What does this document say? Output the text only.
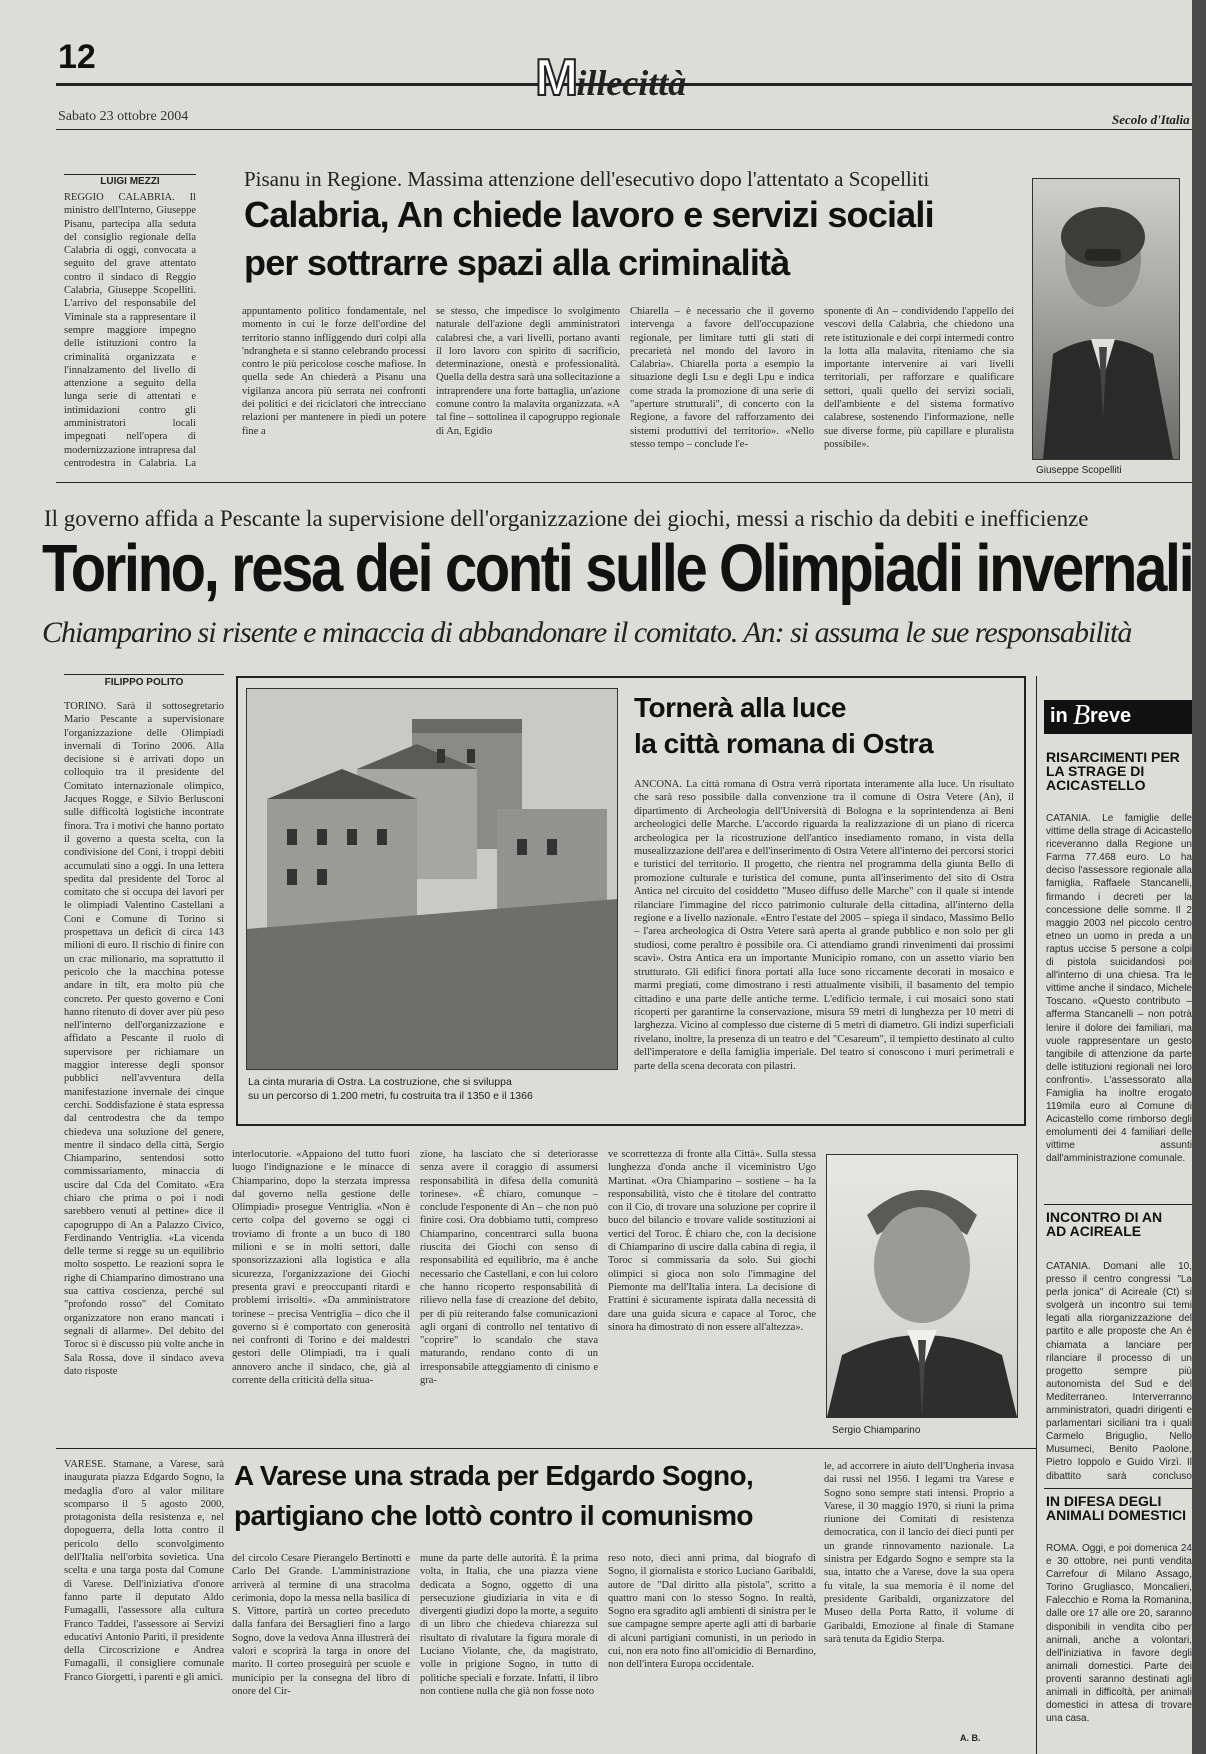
12	Millecittà
Sabato 23 ottobre 2004	Secolo d'Italia
LUIGI MEZZI
REGGIO CALABRIA. Il ministro dell'Interno, Giuseppe Pisanu, partecipa alla seduta del consiglio regionale della Calabria di oggi, convocata a seguito del grave attentato contro il sindaco di Reggio Calabria, Giuseppe Scopelliti. L'arrivo del responsabile del Viminale sta a rappresentare il sempre maggiore impegno delle istituzioni contro la criminalità organizzata e l'innalzamento del livello di attenzione a seguito della lunga serie di attentati e intimidazioni contro gli amministratori locali impegnati nell'opera di modernizzazione intrapresa dal centrodestra in Calabria. La
Pisanu in Regione. Massima attenzione dell'esecutivo dopo l'attentato a Scopelliti
Calabria, An chiede lavoro e servizi sociali
per sottrarre spazi alla criminalità
appuntamento politico fondamentale, nel momento in cui le forze dell'ordine del territorio stanno infliggendo duri colpi alla 'ndrangheta e si stanno celebrando processi contro le più pericolose cosche mafiose. In quella sede An chiederà a Pisanu una vigilanza ancora più serrata nei confronti dei politici e dei riciclatori che intrecciano relazioni per mantenere in piedi un potere fine a
se stesso, che impedisce lo svolgimento naturale dell'azione degli amministratori calabresi che, a vari livelli, portano avanti il loro lavoro con spirito di sacrificio, determinazione, onestà e professionalità. Quella della destra sarà una sollecitazione a intraprendere una forte battaglia, un'azione comune contro la malavita organizzata. «A tal fine – sottolinea il capogruppo regionale di An, Egidio
Chiarella – è necessario che il governo intervenga a favore dell'occupazione regionale, per limitare tutti gli stati di precarietà nel mondo del lavoro in Calabria». Chiarella porta a esempio la situazione degli Lsu e degli Lpu e indica come strada la promozione di una serie di "aperture strutturali", di concerto con la Regione, a favore del rafforzamento dei sistemi produttivi del territorio». «Nello stesso tempo – conclude l'e-
sponente di An – condividendo l'appello dei vescovi della Calabria, che chiedono una rete istituzionale e dei corpi intermedi contro la lotta alla malavita, riteniamo che sia importante intervenire ai vari livelli territoriali, per rafforzare e qualificare settori, quali quello dei servizi sociali, dell'ambiente e del sistema formativo calabrese, sostenendo l'informazione, nelle sue diverse forme, più capillare e pluralista possibile».
Giuseppe Scopelliti
Il governo affida a Pescante la supervisione dell'organizzazione dei giochi, messi a rischio da debiti e inefficienze
Torino, resa dei conti sulle Olimpiadi invernali
Chiamparino si risente e minaccia di abbandonare il comitato. An: si assuma le sue responsabilità
FILIPPO POLITO
TORINO. Sarà il sottosegretario Mario Pescante a supervisionare l'organizzazione delle Olimpiadi invernali di Torino 2006. Alla decisione si è arrivati dopo un colloquio tra il presidente del Comitato internazionale olimpico, Jacques Rogge, e Silvio Berlusconi sulle difficoltà logistiche incontrate finora. Tra i motivi che hanno portato il governo a questa scelta, con la condivisione del Coni, i troppi debiti accumulati sino a oggi. In una lettera spedita dal presidente del Toroc al comitato che si occupa dei lavori per le olimpiadi Valentino Castellani a Coni e Comune di Torino si prospettava un deficit di circa 143 milioni di euro. Il rischio di finire con un crac milionario, ma soprattutto il pericolo che la macchina potesse andare in tilt, era molto più che concreto. Per questo governo e Coni hanno ritenuto di dover aver più peso nell'interno dell'organizzazione e affidato a Pescante il ruolo di supervisore per richiamare un maggior interesse degli sponsor pubblici nell'avventura della manifestazione invernale dei cinque cerchi. Soddisfazione è stata espressa dal centrodestra che da tempo chiedeva una soluzione del genere, mentre il sindaco della città, Sergio Chiamparino, sentendosi sotto commissariamento, minaccia di uscire dal Cda del Comitato. «Era chiaro che prima o poi i nodi sarebbero venuti al pettine» dice il capogruppo di An a Palazzo Civico, Ferdinando Ventriglia. «La vicenda delle terme si regge su un equilibrio molto sospetto. Le reazioni sopra le righe di Chiamparino dimostrano una sua cattiva coscienza, perché sul "profondo rosso" del Comitato organizzatore non erano mancati i segnali di allarme». Del debito del Toroc si è discusso più volte anche in Sala Rossa, dove il sindaco aveva dato risposte
interlocutorie. «Appaiono del tutto fuori luogo l'indignazione e le minacce di Chiamparino, dopo la sterzata impressa dal governo nella gestione delle Olimpiadi» prosegue Ventriglia. «Non è certo colpa del governo se oggi ci troviamo di fronte a un buco di 180 milioni e se in molti settori, dalle sponsorizzazioni alla logistica e alla sicurezza, l'organizzazione dei Giochi presenta gravi e preoccupanti ritardi e problemi irrisolti». «Da amministratore torinese – precisa Ventriglia – dico che il governo si è comportato con generosità nei confronti di Torino e dei maldestri gestori delle Olimpiadi, tra i quali annovero anche il sindaco, che, già al corrente della criticità della situa-
zione, ha lasciato che si deteriorasse senza avere il coraggio di assumersi responsabilità in difesa della comunità torinese». «È chiaro, comunque – conclude l'esponente di An – che non può finire così. Ora dobbiamo tutti, compreso Chiamparino, concentrarci sulla buona riuscita dei Giochi con senso di responsabilità ed equilibrio, ma è anche necessario che Castellani, e con lui coloro che hanno ricoperto responsabilità di rilievo nella fase di creazione del debito, per di più reiterando false comunicazioni agli organi di controllo nel tentativo di "coprire" lo scandalo che stava maturando, rendano conto di un irresponsabile atteggiamento di cinismo e gra-
ve scorrettezza di fronte alla Città». Sulla stessa lunghezza d'onda anche il viceministro Ugo Martinat. «Ora Chiamparino – sostiene – ha la responsabilità, visto che è titolare del contratto con il Cio, di trovare una soluzione per coprire il buco del bilancio e trovare valide sostituzioni ai vertici del Toroc. È chiaro che, con la decisione di Chiamparino di uscire dalla cabina di regia, il Toroc si commissaria da solo. Sui giochi olimpici si gioca non solo l'immagine del Piemonte ma dell'Italia intera. La decisione di Frattini è sicuramente ispirata dalla necessità di dare una guida sicura e capace al Toroc, che sinora ha dimostrato di non essere all'altezza».
Sergio Chiamparino
La cinta muraria di Ostra. La costruzione, che si sviluppa
su un percorso di 1.200 metri, fu costruita tra il 1350 e il 1366
Tornerà alla luce
la città romana di Ostra
ANCONA. La città romana di Ostra verrà riportata interamente alla luce. Un risultato che sarà reso possibile dalla convenzione tra il comune di Ostra Vetere (An), il dipartimento di Archeologia dell'Università di Bologna e la soprintendenza ai Beni archeologici delle Marche. L'accordo riguarda la realizzazione di un piano di ricerca archeologica per la ricostruzione dell'antico insediamento romano, in vista della musealizzazione dell'area e dell'inserimento di Ostra Vetere all'interno dei percorsi storici e turistici del territorio. Il progetto, che rientra nel programma della giunta Bello di promozione culturale e turistica del comune, punta all'inserimento del sito di Ostra Antica nel circuito del cosiddetto "Museo diffuso delle Marche" con il quale si intende rilanciare l'immagine del ricco patrimonio culturale della cittadina, all'interno della regione e a livello nazionale. «Entro l'estate del 2005 – spiega il sindaco, Massimo Bello – l'area archeologica di Ostra Vetere sarà aperta al grande pubblico e non solo per gli studiosi, come peraltro è possibile ora. Ci attendiamo grandi rinvenimenti dai prossimi scavi». Ostra Antica era un importante Municipio romano, con un assetto viario ben strutturato. Gli edifici finora portati alla luce sono riccamente decorati in mosaico e marmi pregiati, come dimostrano i resti attualmente visibili, il basamento del tempio cittadino e una parte delle antiche terme. L'edificio termale, i cui mosaici sono stati ricoperti per garantirne la conservazione, misura 59 metri di lunghezza per 10 metri di larghezza. Vicino al complesso due cisterne di 5 metri di diametro. Gli indizi superficiali rivelano, inoltre, la presenza di un teatro e del "Cesareum", il tempietto destinato al culto dell'imperatore e della famiglia imperiale. Del teatro si conoscono i muri perimetrali e parte della scena decorata con pilastri.
VARESE. Stamane, a Varese, sarà inaugurata piazza Edgardo Sogno, la medaglia d'oro al valor militare scomparso il 5 agosto 2000, protagonista della resistenza e, nel dopoguerra, della lotta contro il pericolo dello sconvolgimento dell'Italia nell'orbita sovietica. Una scelta e una targa posta dal Comune di Varese. Dell'iniziativa d'onore fanno parte il deputato Aldo Fumagalli, l'assessore alla cultura Franco Taddei, l'assessore ai Servizi educativi Antonio Pariti, il presidente della Circoscrizione e Andrea Fumagalli, il consigliere comunale Franco Giorgetti, i parenti e gli amici.
A Varese una strada per Edgardo Sogno,
partigiano che lottò contro il comunismo
del circolo Cesare Pierangelo Bertinotti e Carlo Del Grande. L'amministrazione arriverà al termine di una stracolma cerimonia, dopo la messa nella basilica di S. Vittore, partirà un corteo preceduto dalla fanfara dei Bersaglieri fino a largo Sogno, dove la vedova Anna illustrerà dei valori e scoprirà la targa in onore del marito. Il corteo proseguirà per scuole e municipio per la consegna del libro di onore del Cir-
mune da parte delle autorità. È la prima volta, in Italia, che una piazza viene dedicata a Sogno, oggetto di una persecuzione giudiziaria in vita e di divergenti giudizi dopo la morte, a seguito di un libro che chiedeva chiarezza sul risultato di rivalutare la figura morale di Luciano Violante, che, da magistrato, volle in prigione Sogno, in tutto di politiche speciali e forzate. Infatti, il libro non contiene nulla che già non fosse noto
reso noto, dieci anni prima, dal biografo di Sogno, il giornalista e storico Luciano Garibaldi, autore de "Dal diritto alla pistola", scritto a quattro mani con lo stesso Sogno. In realtà, Sogno era sgradito agli ambienti di sinistra per le sue campagne sempre aperte agli atti di barbarie di alcuni partigiani comunisti, in un periodo in cui, non era noto fino all'omicidio di Bernardino, non dell'intera Europa occidentale.
le, ad accorrere in aiuto dell'Ungheria invasa dai russi nel 1956. I legami tra Varese e Sogno sono sempre stati intensi. Proprio a Varese, il 30 maggio 1970, si riunì la prima riunione dei Comitati di resistenza democratica, con il lancio dei dieci punti per un grande rinnovamento nazionale. La sinistra per Edgardo Sogno e sempre sta la sua, intatto che a Varese, dove la sua opera fu vitale, la sua memoria è il nome del presidente Garibaldi, organizzatore del Museo della Porta Ratto, il volume di Garibaldi, Emozione al finale di Stamane sarà tenuta da Egidio Sterpa.
A. B.
in B reve
RISARCIMENTI PER LA STRAGE DI ACICASTELLO
CATANIA. Le famiglie delle vittime della strage di Acicastello riceveranno dalla Regione un Farma 77.468 euro. Lo ha deciso l'assessore regionale alla famiglia, Raffaele Stancanelli, firmando i decreti per la concessione delle somme. Il 2 maggio 2003 nel piccolo centro etneo un uomo in preda a un raptus uccise 5 persone a colpi di pistola suicidandosi poi all'interno di una chiesa. Tra le vittime anche il sindaco, Michele Toscano. «Questo contributo – afferma Stancanelli – non potrà lenire il dolore dei familiari, ma vuole rappresentare un gesto tangibile di attenzione da parte delle istituzioni regionali nei loro confronti». L'assessorato alla Famiglia ha inoltre erogato 119mila euro al Comune di Acicastello come rimborso degli emolumenti dei 4 familiari delle vittime assunti dall'amministrazione comunale.
INCONTRO DI AN AD ACIREALE
CATANIA. Domani alle 10, presso il centro congressi "La perla jonica" di Acireale (Ct) si svolgerà un incontro sui temi legati alla riorganizzazione del partito e alle proposte che An è chiamata a lanciare per rilanciare il processo di un progetto sempre più autonomista del Sud e del Mediterraneo. Interverranno amministratori, quadri dirigenti e parlamentari siciliani tra i quali Carmelo Briguglio, Nello Musumeci, Benito Paolone, Pietro Ioppolo e Guido Virzì. Il dibattito sarà concluso
IN DIFESA DEGLI ANIMALI DOMESTICI
ROMA. Oggi, e poi domenica 24 e 30 ottobre, nei punti vendita Carrefour di Milano Assago, Torino Grugliasco, Moncalieri, Falecchio e Roma la Romanina, dalle ore 17 alle ore 20, saranno disponibili in vendita cibo per animali, anche a volontari, dell'iniziativa in favore degli animali domestici. Parte dei proventi saranno destinati agli animali in difficoltà, per animali domestici in attesa di trovare una casa.
